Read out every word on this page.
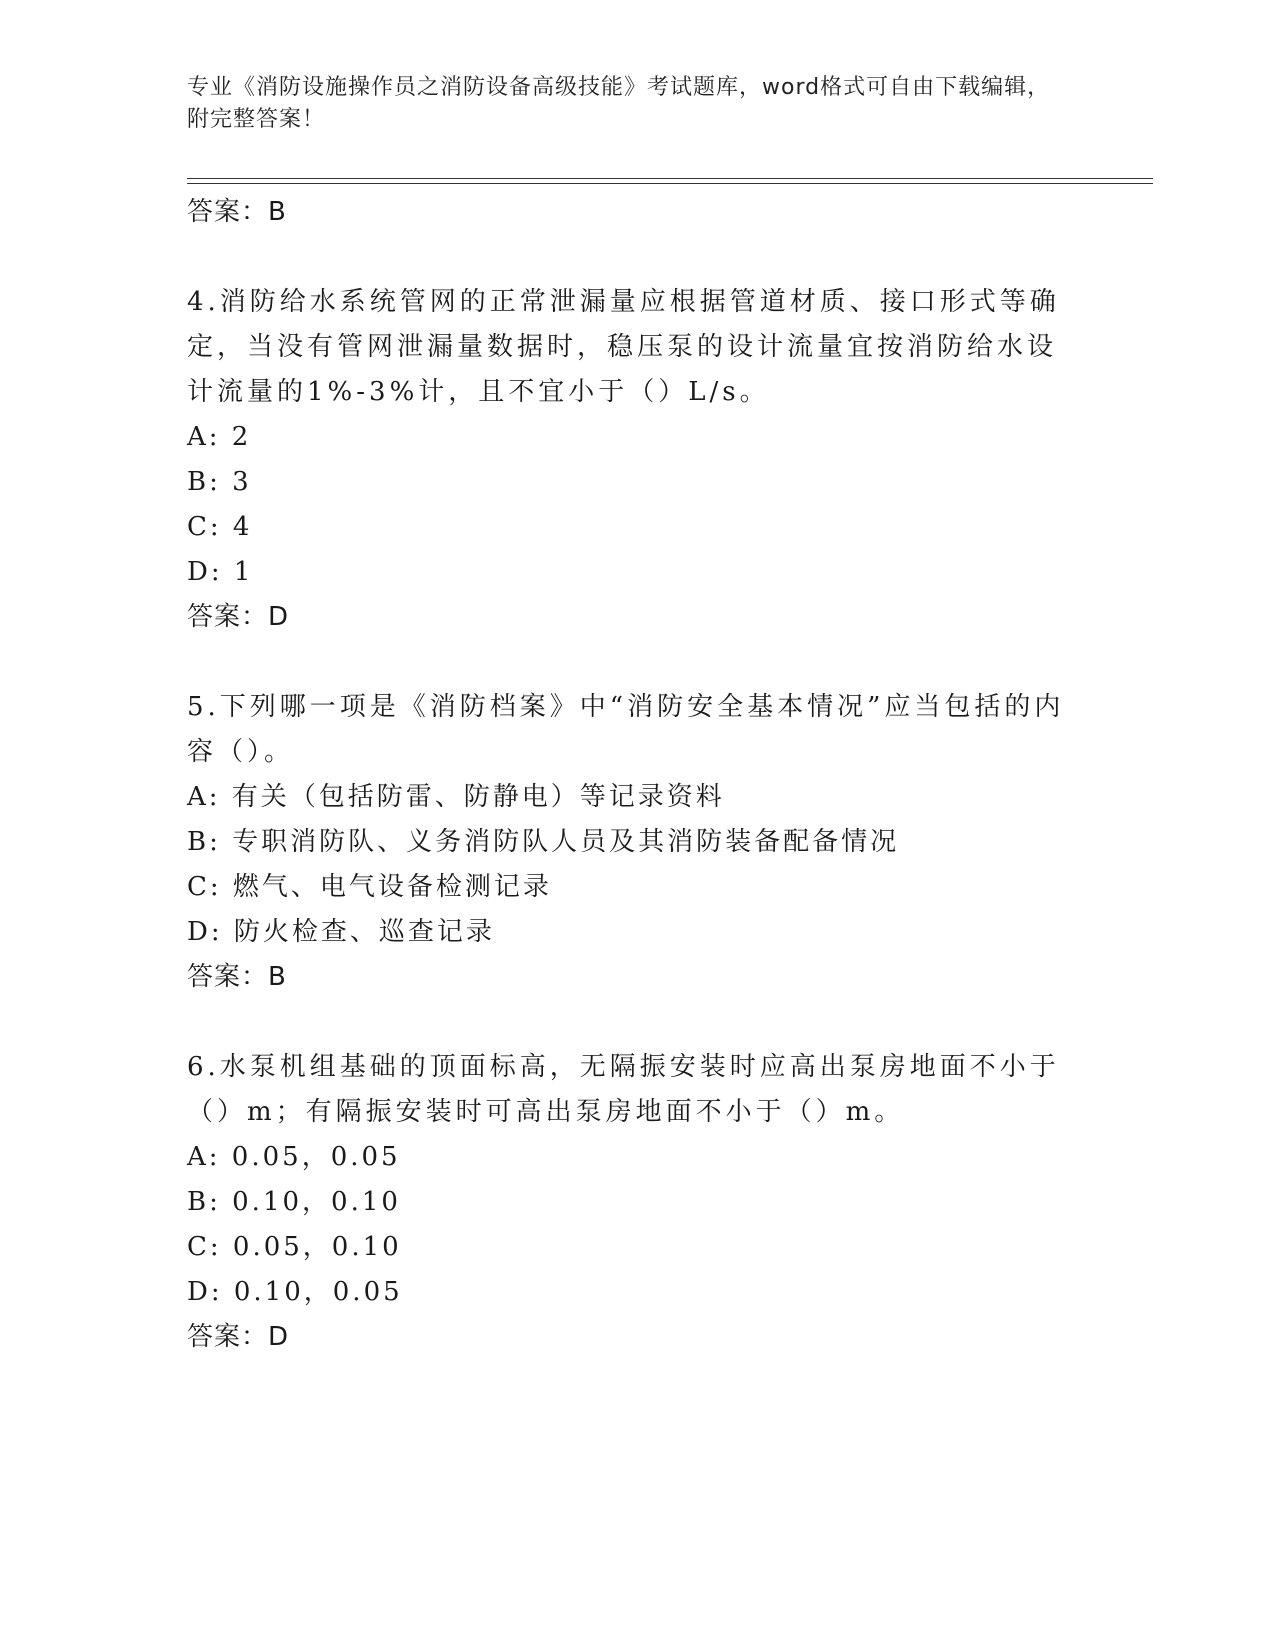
专业《消防设施操作员之消防设备高级技能》考试题库，word格式可自由下载编辑，附完整答案！
答案：B
4.消防给水系统管网的正常泄漏量应根据管道材质、接口形式等确定，当没有管网泄漏量数据时，稳压泵的设计流量宜按消防给水设计流量的1%-3%计，且不宜小于（）L/s。
A: 2
B: 3
C: 4
D: 1
答案：D
5.下列哪一项是《消防档案》中“消防安全基本情况”应当包括的内容（）。
A: 有关（包括防雷、防静电）等记录资料
B: 专职消防队、义务消防队人员及其消防装备配备情况
C: 燃气、电气设备检测记录
D: 防火检查、巡查记录
答案：B
6.水泵机组基础的顶面标高，无隔振安装时应高出泵房地面不小于（）m；有隔振安装时可高出泵房地面不小于（）m。
A: 0.05，0.05
B: 0.10，0.10
C: 0.05，0.10
D: 0.10，0.05
答案：D
